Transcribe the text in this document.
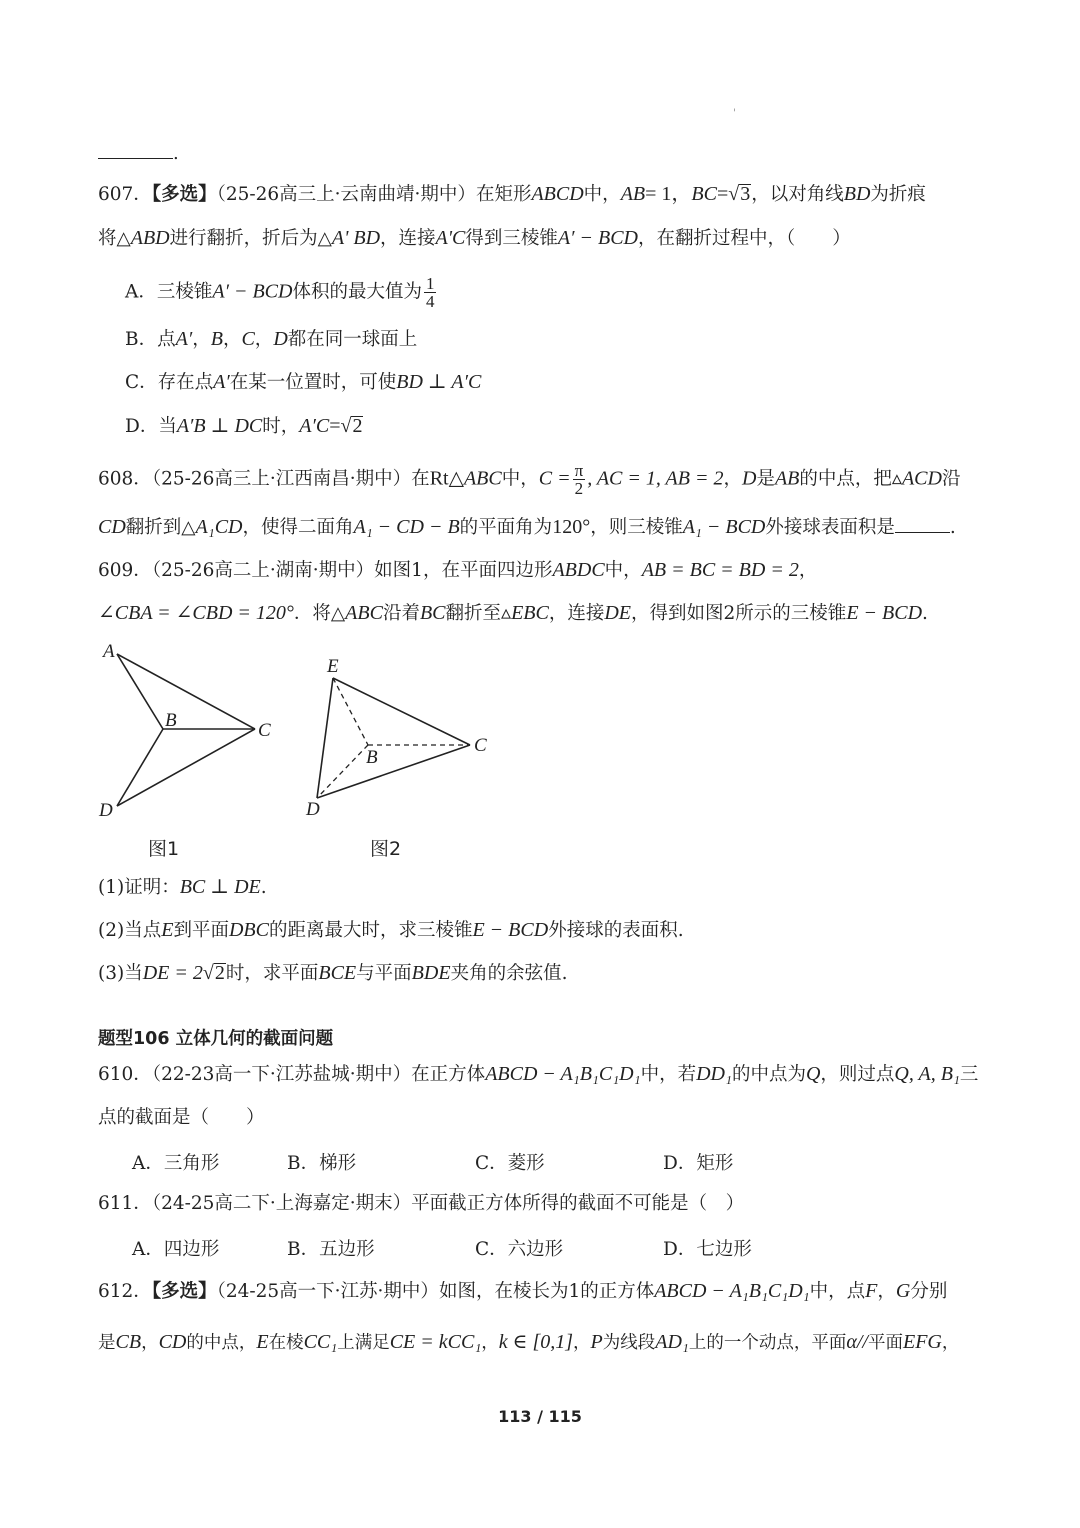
'
.
607．【多选】（25-26高三上·云南曲靖·期中）在矩形ABCD中，AB= 1，BC=√3，以对角线BD为折痕
将△ABD进行翻折，折后为△A' BD，连接A'C得到三棱锥A′ − BCD，在翻折过程中，（　　）
A．三棱锥A′ − BCD体积的最大值为 $\frac{1}{4}$
B．点A′，B，C，D都在同一球面上
C．存在点A′在某一位置时，可使BD ⊥ A′C
D．当A′B ⊥ DC时，A′C=√2
608．（25-26高三上·江西南昌·期中）在Rt△ABC中，$C = \frac{\pi}{2}$ , AC = 1, AB = 2，D是AB的中点，把▵ACD沿
CD翻折到△A₁CD，使得二面角A₁ − CD − B的平面角为120°，则三棱锥A₁ − BCD外接球表面积是	.
609．（25-26高二上·湖南·期中）如图1，在平面四边形ABDC中，AB = BC = BD = 2，
∠CBA = ∠CBD = 120°．将△ABC沿着BC翻折至▵EBC，连接DE，得到如图2所示的三棱锥E − BCD.
A
B	C
D
图1
E
B
C
D
图2
(1)证明：BC ⊥ DE.
(2)当点E到平面DBC的距离最大时，求三棱锥E − BCD外接球的表面积.
(3)当DE = 2√2时，求平面BCE与平面BDE夹角的余弦值.
题型106 立体几何的截面问题
610．（22-23高一下·江苏盐城·期中）在正方体ABCD − A₁B₁C₁D₁中，若DD₁的中点为Q，则过点Q, A, B₁三
点的截面是（　　）
A．三角形	B．梯形	C．菱形	D．矩形
611．（24-25高二下·上海嘉定·期末）平面截正方体所得的截面不可能是（　）
A．四边形	B．五边形	C．六边形	D．七边形
612．【多选】（24-25高一下·江苏·期中）如图，在棱长为1的正方体ABCD − A₁B₁C₁D₁中，点F，G分别
是CB，CD的中点，E在棱CC₁上满足CE = kCC₁，k ∈ [0,1]，P为线段AD₁上的一个动点，平面α//平面EFG，
113 / 115
